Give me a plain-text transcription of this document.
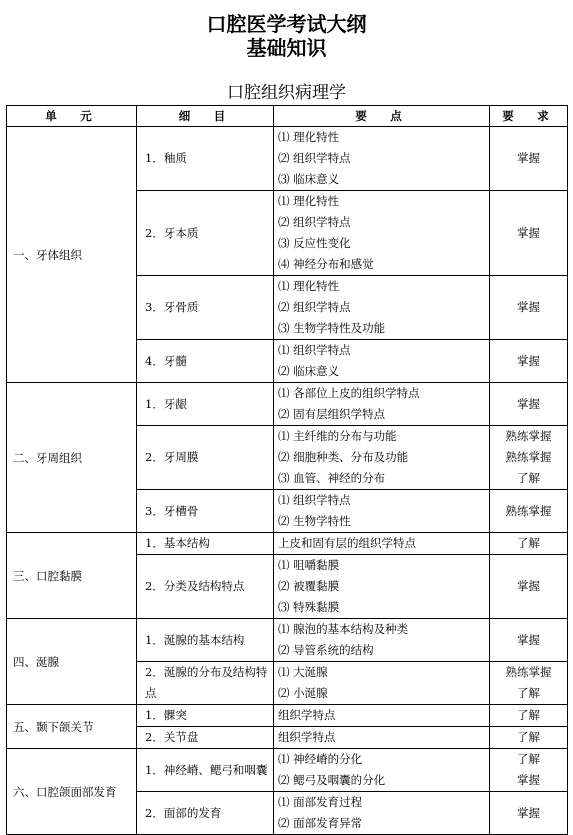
口腔医学考试大纲
基础知识
口腔组织病理学
单　元	细　目	要　点	要　求
一、牙体组织	1．釉质	⑴ 理化特性
⑵ 组织学特点
⑶ 临床意义	掌握

	2．牙本质	⑴ 理化特性
⑵ 组织学特点
⑶ 反应性变化
⑷ 神经分布和感觉	掌握

	3．牙骨质	⑴ 理化特性
⑵ 组织学特点
⑶ 生物学特性及功能	掌握

	4．牙髓	⑴ 组织学特点
⑵ 临床意义	掌握

二、牙周组织	1．牙龈	⑴ 各部位上皮的组织学特点
⑵ 固有层组织学特点	掌握

	2．牙周膜	⑴ 主纤维的分布与功能
⑵ 细胞种类、分布及功能
⑶ 血管、神经的分布	熟练掌握
熟练掌握
了解

	3．牙槽骨	⑴ 组织学特点
⑵ 生物学特性	熟练掌握

三、口腔黏膜	1．基本结构	上皮和固有层的组织学特点	了解

	2．分类及结构特点	⑴ 咀嚼黏膜
⑵ 被覆黏膜
⑶ 特殊黏膜	掌握

四、涎腺	1．涎腺的基本结构	⑴ 腺泡的基本结构及种类
⑵ 导管系统的结构	掌握

	2．涎腺的分布及结构特点	⑴ 大涎腺
⑵ 小涎腺	熟练掌握
了解

五、颞下颌关节	1．髁突	组织学特点	了解

	2．关节盘	组织学特点	了解

六、口腔颌面部发育	1．神经嵴、鳃弓和咽囊	⑴ 神经嵴的分化
⑵ 鳃弓及咽囊的分化	了解
掌握

	2．面部的发育	⑴ 面部发育过程
⑵ 面部发育异常	掌握
